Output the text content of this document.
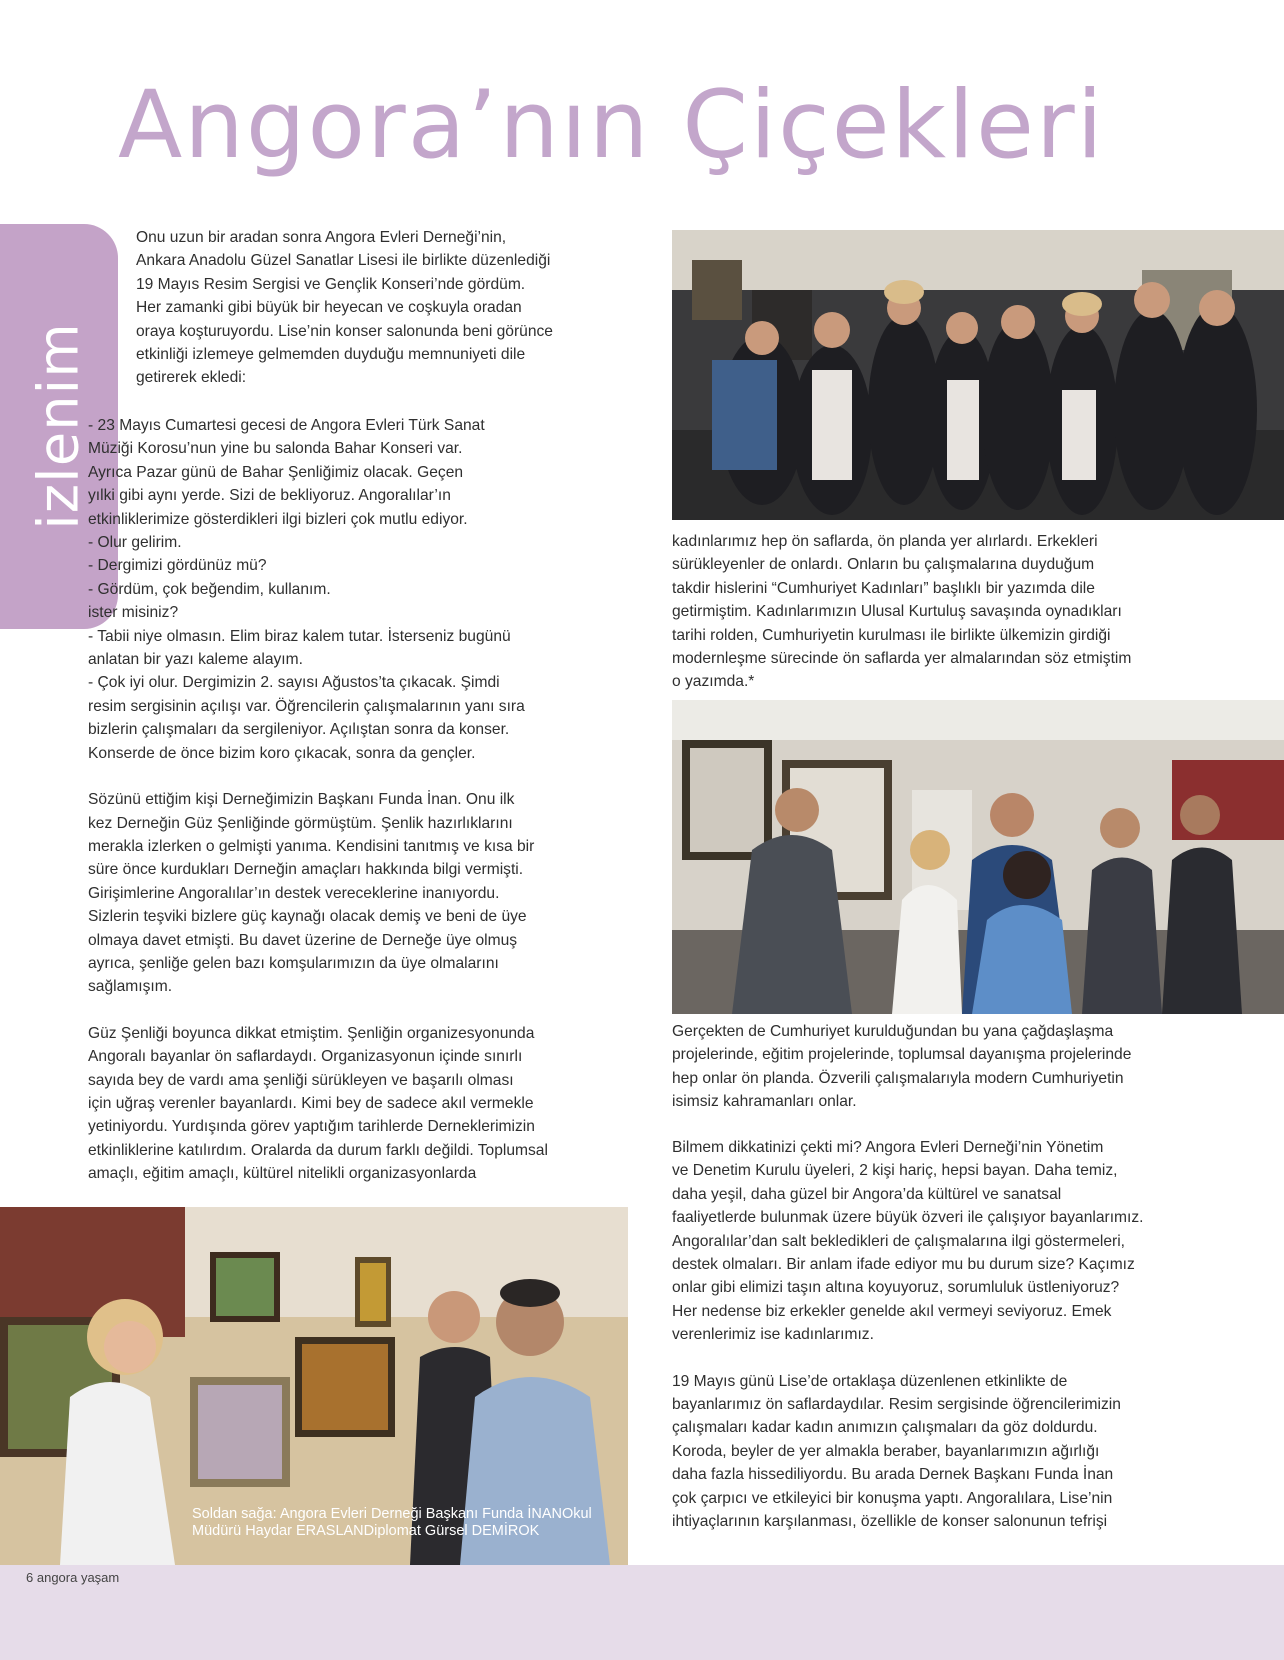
Angora’nın Çiçekleri
izlenim

Onu uzun bir aradan sonra Angora Evleri Derneği’nin,
Ankara Anadolu Güzel Sanatlar Lisesi ile birlikte düzenlediği
19 Mayıs Resim Sergisi ve Gençlik Konseri’nde gördüm.
Her zamanki gibi büyük bir heyecan ve coşkuyla oradan
oraya koşturuyordu. Lise’nin konser salonunda beni görünce
etkinliği izlemeye gelmemden duyduğu memnuniyeti dile
getirerek ekledi:

- 23 Mayıs Cumartesi gecesi de Angora Evleri Türk Sanat
Müziği Korosu’nun yine bu salonda Bahar Konseri var.
Ayrıca Pazar günü de Bahar Şenliğimiz olacak. Geçen
yılki gibi aynı yerde. Sizi de bekliyoruz. Angoralılar’ın
etkinliklerimize gösterdikleri ilgi bizleri çok mutlu ediyor.
- Olur gelirim.
- Dergimizi gördünüz mü?
- Gördüm, çok beğendim, kullanım.
ister misiniz?
- Tabii niye olmasın. Elim biraz kalem tutar. İsterseniz bugünü
anlatan bir yazı kaleme alayım.
- Çok iyi olur. Dergimizin 2. sayısı Ağustos’ta çıkacak. Şimdi
resim sergisinin açılışı var. Öğrencilerin çalışmalarının yanı sıra
bizlerin çalışmaları da sergileniyor. Açılıştan sonra da konser.
Konserde de önce bizim koro çıkacak, sonra da gençler.

Sözünü ettiğim kişi Derneğimizin Başkanı Funda İnan. Onu ilk
kez Derneğin Güz Şenliğinde görmüştüm. Şenlik hazırlıklarını
merakla izlerken o gelmişti yanıma. Kendisini tanıtmış ve kısa bir
süre önce kurdukları Derneğin amaçları hakkında bilgi vermişti.
Girişimlerine Angoralılar’ın destek vereceklerine inanıyordu.
Sizlerin teşviki bizlere güç kaynağı olacak demiş ve beni de üye
olmaya davet etmişti. Bu davet üzerine de Derneğe üye olmuş
ayrıca, şenliğe gelen bazı komşularımızın da üye olmalarını
sağlamışım.

Güz Şenliği boyunca dikkat etmiştim. Şenliğin organizesyonunda
Angoralı bayanlar ön saflardaydı. Organizasyonun içinde sınırlı
sayıda bey de vardı ama şenliği sürükleyen ve başarılı olması
için uğraş verenler bayanlardı. Kimi bey de sadece akıl vermekle
yetiniyordu. Yurdışında görev yaptığım tarihlerde Derneklerimizin
etkinliklerine katılırdım. Oralarda da durum farklı değildi. Toplumsal
amaçlı, eğitim amaçlı, kültürel nitelikli organizasyonlarda

kadınlarımız hep ön saflarda, ön planda yer alırlardı. Erkekleri
sürükleyenler de onlardı. Onların bu çalışmalarına duyduğum
takdir hislerini “Cumhuriyet Kadınları” başlıklı bir yazımda dile
getirmiştim. Kadınlarımızın Ulusal Kurtuluş savaşında oynadıkları
tarihi rolden, Cumhuriyetin kurulması ile birlikte ülkemizin girdiği
modernleşme sürecinde ön saflarda yer almalarından söz etmiştim
o yazımda.*

Gerçekten de Cumhuriyet kurulduğundan bu yana çağdaşlaşma
projelerinde, eğitim projelerinde, toplumsal dayanışma projelerinde
hep onlar ön planda. Özverili çalışmalarıyla modern Cumhuriyetin
isimsiz kahramanları onlar.

Bilmem dikkatinizi çekti mi? Angora Evleri Derneği’nin Yönetim
ve Denetim Kurulu üyeleri, 2 kişi hariç, hepsi bayan. Daha temiz,
daha yeşil, daha güzel bir Angora’da kültürel ve sanatsal
faaliyetlerde bulunmak üzere büyük özveri ile çalışıyor bayanlarımız.
Angoralılar’dan salt bekledikleri de çalışmalarına ilgi göstermeleri,
destek olmaları. Bir anlam ifade ediyor mu bu durum size? Kaçımız
onlar gibi elimizi taşın altına koyuyoruz, sorumluluk üstleniyoruz?
Her nedense biz erkekler genelde akıl vermeyi seviyoruz. Emek
verenlerimiz ise kadınlarımız.

19 Mayıs günü Lise’de ortaklaşa düzenlenen etkinlikte de
bayanlarımız ön saflardaydılar. Resim sergisinde öğrencilerimizin
çalışmaları kadar kadın anımızın çalışmaları da göz doldurdu.
Koroda, beyler de yer almakla beraber, bayanlarımızın ağırlığı
daha fazla hissediliyordu. Bu arada Dernek Başkanı Funda İnan
çok çarpıcı ve etkileyici bir konuşma yaptı. Angoralılara, Lise’nin
ihtiyaçlarının karşılanması, özellikle de konser salonunun tefrişi

Soldan sağa: Angora Evleri Derneği Başkanı Funda İNANOkul Müdürü Haydar ERASLANDiplomat Gürsel DEMİROK
6 angora yaşam
